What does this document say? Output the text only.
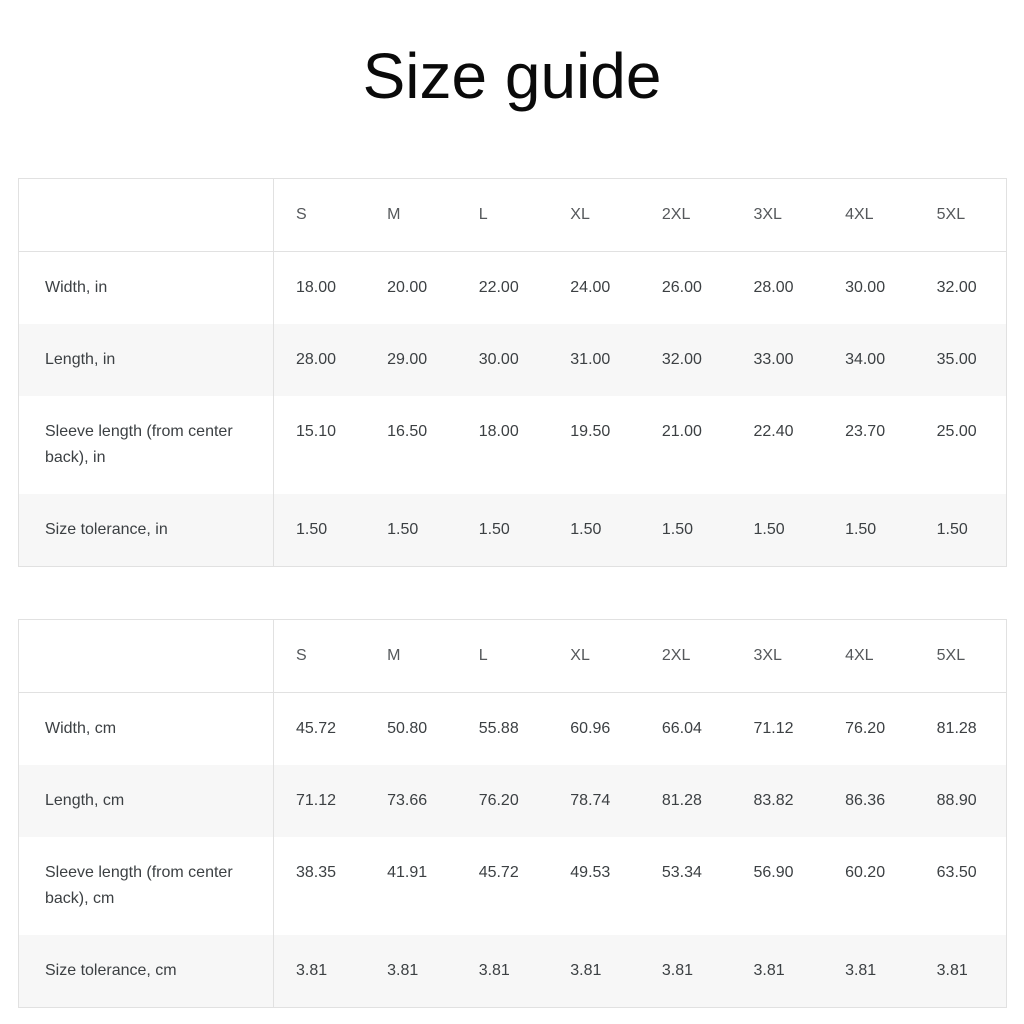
Size guide
	S	M	L	XL	2XL	3XL	4XL	5XL
Width, in	18.00	20.00	22.00	24.00	26.00	28.00	30.00	32.00
Length, in	28.00	29.00	30.00	31.00	32.00	33.00	34.00	35.00
Sleeve length (from center back), in	15.10	16.50	18.00	19.50	21.00	22.40	23.70	25.00
Size tolerance, in	1.50	1.50	1.50	1.50	1.50	1.50	1.50	1.50
	S	M	L	XL	2XL	3XL	4XL	5XL
Width, cm	45.72	50.80	55.88	60.96	66.04	71.12	76.20	81.28
Length, cm	71.12	73.66	76.20	78.74	81.28	83.82	86.36	88.90
Sleeve length (from center back), cm	38.35	41.91	45.72	49.53	53.34	56.90	60.20	63.50
Size tolerance, cm	3.81	3.81	3.81	3.81	3.81	3.81	3.81	3.81
